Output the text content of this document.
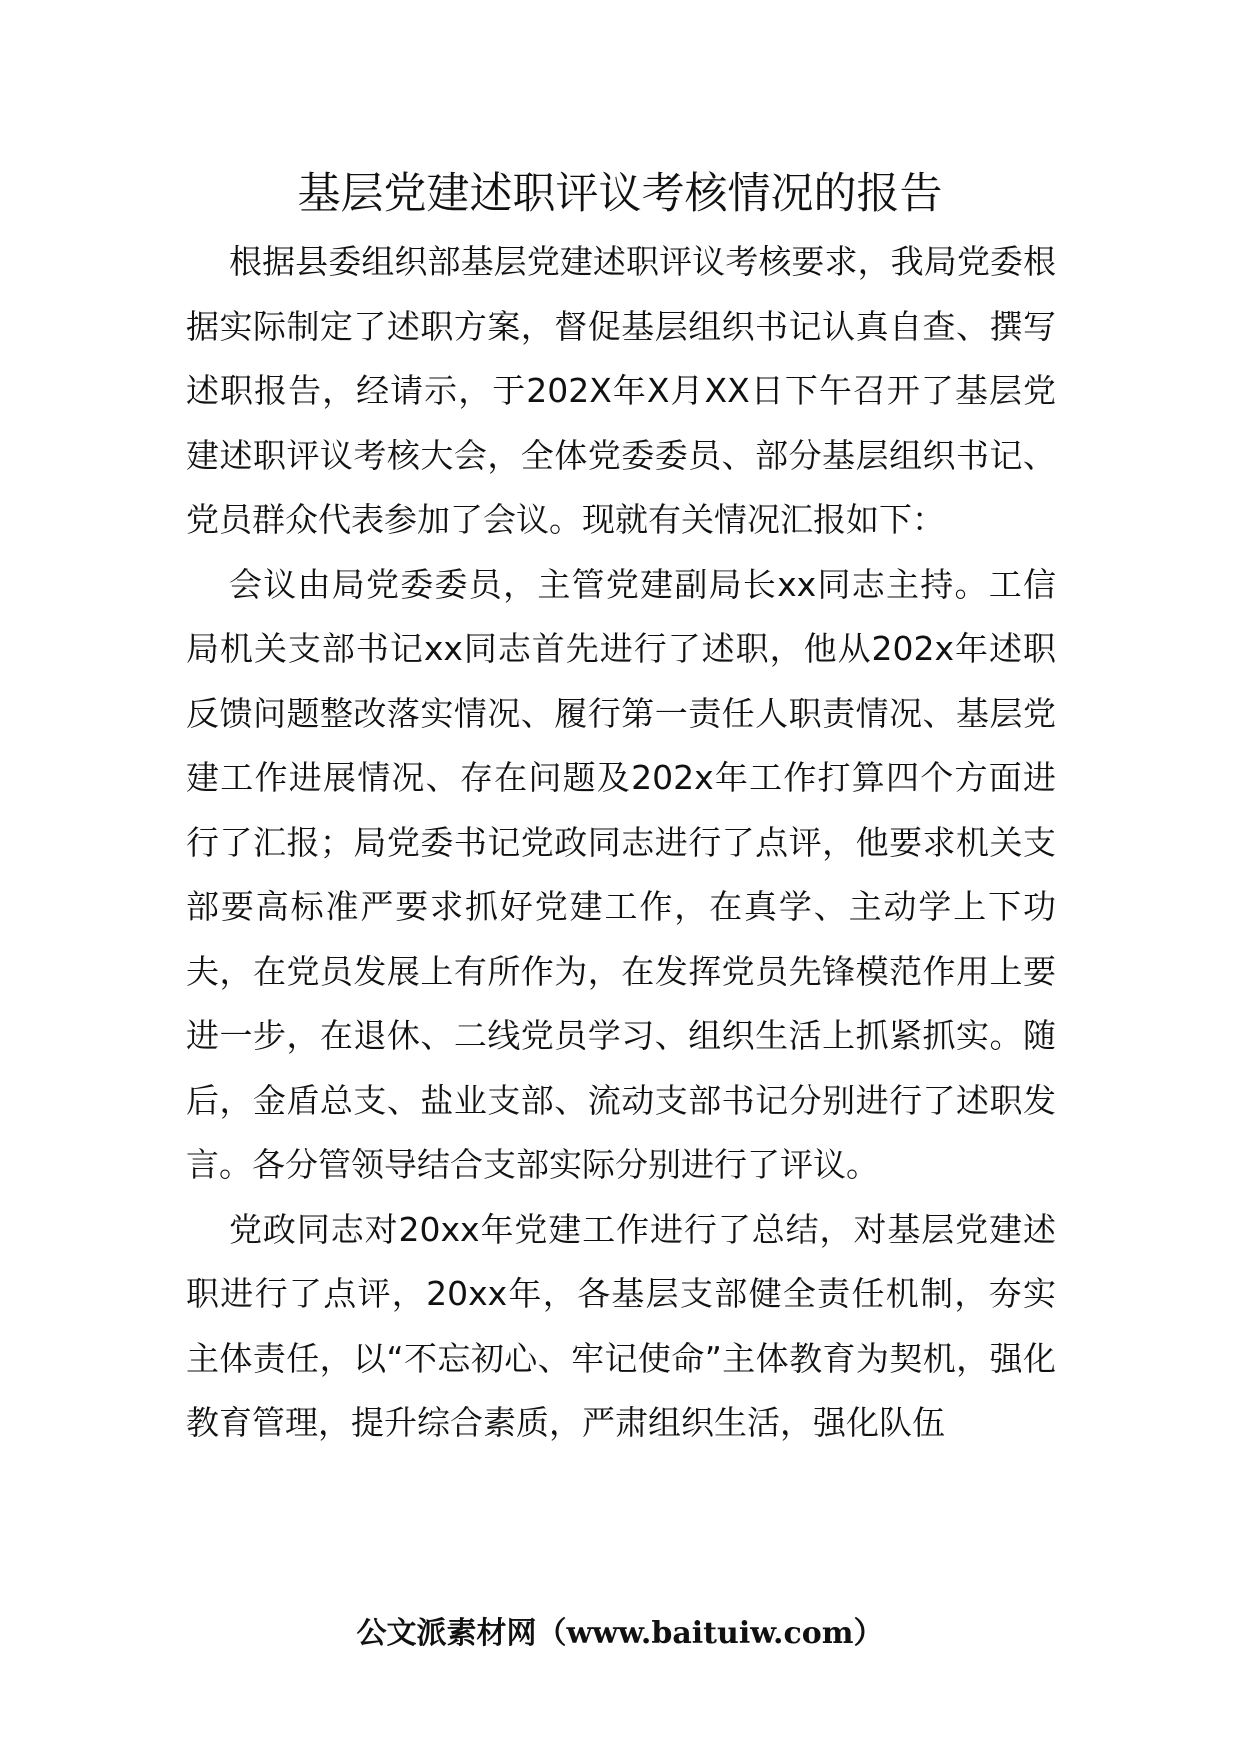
基层党建述职评议考核情况的报告

根据县委组织部基层党建述职评议考核要求，我局党委根据实际制定了述职方案，督促基层组织书记认真自查、撰写述职报告，经请示，于202X年X月XX日下午召开了基层党建述职评议考核大会，全体党委委员、部分基层组织书记、党员群众代表参加了会议。现就有关情况汇报如下：

会议由局党委委员，主管党建副局长xx同志主持。工信局机关支部书记xx同志首先进行了述职，他从202x年述职反馈问题整改落实情况、履行第一责任人职责情况、基层党建工作进展情况、存在问题及202x年工作打算四个方面进行了汇报；局党委书记党政同志进行了点评，他要求机关支部要高标准严要求抓好党建工作，在真学、主动学上下功夫，在党员发展上有所作为，在发挥党员先锋模范作用上要进一步，在退休、二线党员学习、组织生活上抓紧抓实。随后，金盾总支、盐业支部、流动支部书记分别进行了述职发言。各分管领导结合支部实际分别进行了评议。

党政同志对20xx年党建工作进行了总结，对基层党建述职进行了点评，20xx年，各基层支部健全责任机制，夯实主体责任，以“不忘初心、牢记使命”主体教育为契机，强化教育管理，提升综合素质，严肃组织生活，强化队伍

公文派素材网（www.baituiw.com）
